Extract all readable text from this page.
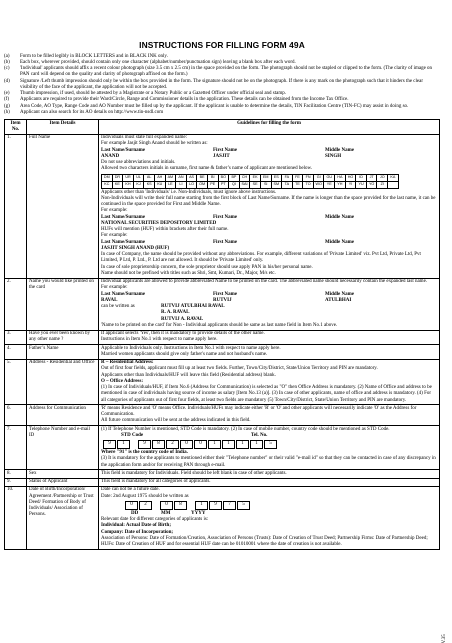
INSTRUCTIONS FOR FILLING FORM 49A
(a)	Form to be filled legibly in BLOCK LETTERS and in BLACK INK only.
(b)	Each box, wherever provided, should contain only one character (alphabet/number/punctuation sign) leaving a blank box after each word.
(c)	'Individual' applicants should affix a recent colour photograph (size 3.5 cm x 2.5 cm) in the space provided on the form. The photograph should not be stapled or clipped to the form. (The clarity of image on PAN card will depend on the quality and clarity of photograph affixed on the form.)
(d)	Signature /Left thumb impression should only be within the box provided in the form. The signature should not be on the photograph. If there is any mark on the photograph such that it hinders the clear visibility of the face of the applicant, the application will not be accepted.
(e)	Thumb impression, if used, should be attested by a Magistrate or a Notary Public or a Gazetted Officer under official seal and stamp.
(f)	Applicants are required to provide their Ward/Circle, Range and Commissioner details in the application. These details can be obtained from the Income Tax Office.
(g)	Area Code, AO Type, Range Code and AO Number must be filled up by the applicant. If the applicant is unable to determine the details, TIN Facilitation Centre (TIN-FC) may assist in doing so.
(h)	Applicant can also search for its AO details on http://www.tin-nsdl.com
Item No.	Item Details	Guidelines for filling the form
1.	Full Name	Individuals must state full expanded name:

For example Jasjit Singh Anand should be written as:

Last Name/Surname	First Name	Middle Name
ANAND	JASJIT	SINGH

Do not use abbreviations and initials.

Allowed two characters initials in surname, first name & father’s name of applicant are mentioned below.

DM	DR	UR	UL	AL	AH	AM	AN	AS	BE	BI	BO	BP	CH	EK	EM	ES	FA	FE	FN	GI	GU	HA	HO	ID	JT	JO	KA
KC	KE	KH	KJ	KS	KU	LE	LI	LO	OM	PE	PT	QI	SAI	SE	SI	SM	TA	TE	TO	WO	YE	YH	YI	YU	YO	ZI	

Applicants other than 'Individuals' i.e. Non-Individuals, must ignore above instructions.

Non-Individuals will write their full name starting from the first block of Last Name/Surname. If the name is longer than the space provided for the last name, it can be continued in the space provided for First and Middle Name.

For example:

Last Name/Surname	First Name	Middle Name

NATIONAL SECURITIES DEPOSITORY LIMITED

HUFs will mention (HUF) within brackets after their full name.

For example:

Last Name/Surname	First Name	Middle Name

JASJIT SINGH ANAND (HUF)

In case of Company, the name should be provided without any abbreviations. For example, different variations of 'Private Limited' viz. Pvt Ltd, Private Ltd, Pvt Limited, P Ltd, P. Ltd., P. Ltd are not allowed. It should be 'Private Limited' only.

In case of sole proprietorship concern, the sole proprietor should use apply PAN in his/her personal name.

Name should not be prefixed with titles such as Shri, Smt, Kumari, Dr., Major, M/s etc.

2.	Name you would like printed on the card	

Individual applicants are allowed to provide abbreviated Name to be printed on the card. The abbreviated name should necessarily contain the expanded last name.

For example:

Last Name/Surname	First Name	Middle Name
RAVAL	RUTVIJ	ATULBHAI
can be written as	RUTVIJ ATULBHAI RAVAL
R. A. RAVAL
RUTVIJ A. RAVAL

'Name to be printed on the card' for Non - Individual applicants should be same as last name field in Item No.1 above.

3.	Have you ever been known by any other name ?	

If applicant selects 'Yes', then it is mandatory to provide details of the other name.

Instructions in Item No.1 with respect to name apply here.

4.	Father’s Name	Applicable to Individuals only. Instructions in Item No.1 with respect to name apply here.

Married women applicants should give only father's name and not husband's name.

5.	Address - Residential and Office	R – Residential Address:

Out of first four fields, applicant must fill up at least two fields. Further, Town/City/District, State/Union Territory and PIN are mandatory.

Applicants other than Individuals/HUF will leave this field (Residential address) blank.

O – Office Address:

(1) In case of Individuals/HUF, if Item No.6 (Address for Communication) is selected as "O" then Office Address is mandatory. (2) Name of Office and address to be mentioned in case of individuals having source of income as salary [Item No.13 (a)]. (3) In case of other applicants, name of office and address is mandatory. (4) For all categories of applicants out of first four fields, at least two fields are mandatory (5) Town/City/District, State/Union Territory and PIN are mandatory.

6.	Address for Communication	'R' means Residence and 'O' means Office. Individuals/HUFs may indicate either 'R' or 'O' and other applicants will necessarily indicate 'O' as the Address for Communication.

All future communication will be sent at the address indicated in this field.

7.	Telephone Number and e-mail ID	

(1) If Telephone Number is mentioned, STD Code is mandatory. (2) In case of mobile number, country code should be mentioned as STD Code.

STD Code	Tel. No.
9	1	9	8	2	0	0	1	1	1	1	5

Where "91" is the country code of India.

(3) It is mandatory for the applicants to mentioned either their "Telephone number" or their valid "e-mail id" so that they can be contacted in case of any discrepancy in the application form and/or for receiving PAN through e-mail.

8.	Sex	This field is mandatory for Individuals. Field should be left blank in case of other applicants.
9.	Status of Applicant	This field is mandatory for all categories of applicants.
10.	Date of Birth/Incorporation/ Agreement /Partnership or Trust Deed/ Formation of Body of Individuals/ Association of Persons.	

Date can not be a future date.

Date: 2nd August 1975 should be written as

0	2	0	8	1	9	7	5
DD	MM	YYYY

Relevant date for different categories of applicants is:

Individual: Actual Date of Birth;

Company: Date of Incorporation;

Association of Persons: Date of Formation/Creation, Association of Persons (Trusts): Date of Creation of Trust Deed; Partnership Firms: Date of Partnership Deed; HUFs: Date of Creation of HUF and for essential HUF date can be 01010001 where the date of creation is not available.

V.35
